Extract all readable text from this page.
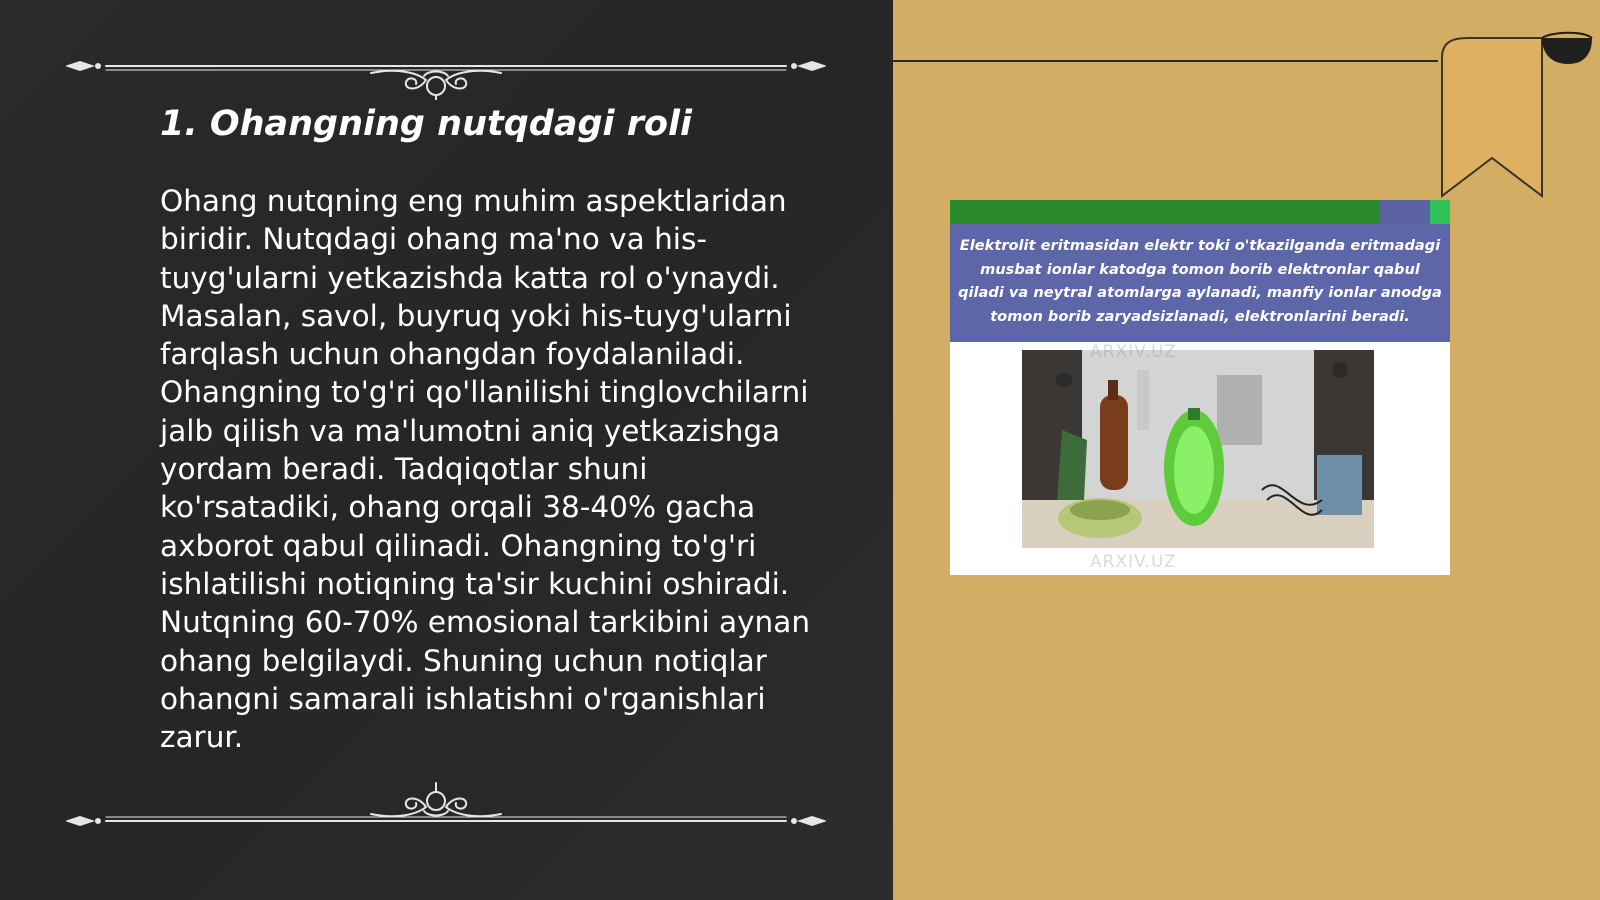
1. Ohangning nutqdagi roli

Ohang nutqning eng muhim aspektlaridan biridir. Nutqdagi ohang ma'no va his-tuyg'ularni yetkazishda katta rol o'ynaydi. Masalan, savol, buyruq yoki his-tuyg'ularni farqlash uchun ohangdan foydalaniladi. Ohangning to'g'ri qo'llanilishi tinglovchilarni jalb qilish va ma'lumotni aniq yetkazishga yordam beradi. Tadqiqotlar shuni ko'rsatadiki, ohang orqali 38-40% gacha axborot qabul qilinadi. Ohangning to'g'ri ishlatilishi notiqning ta'sir kuchini oshiradi. Nutqning 60-70% emosional tarkibini aynan ohang belgilaydi. Shuning uchun notiqlar ohangni samarali ishlatishni o'rganishlari zarur.

Elektrolit eritmasidan elektr toki o'tkazilganda eritmadagi musbat ionlar katodga tomon borib elektronlar qabul qiladi va neytral atomlarga aylanadi, manfiy ionlar anodga tomon borib zaryadsizlanadi, elektronlarini beradi.
ARXIV.UZ
ARXIV.UZ
